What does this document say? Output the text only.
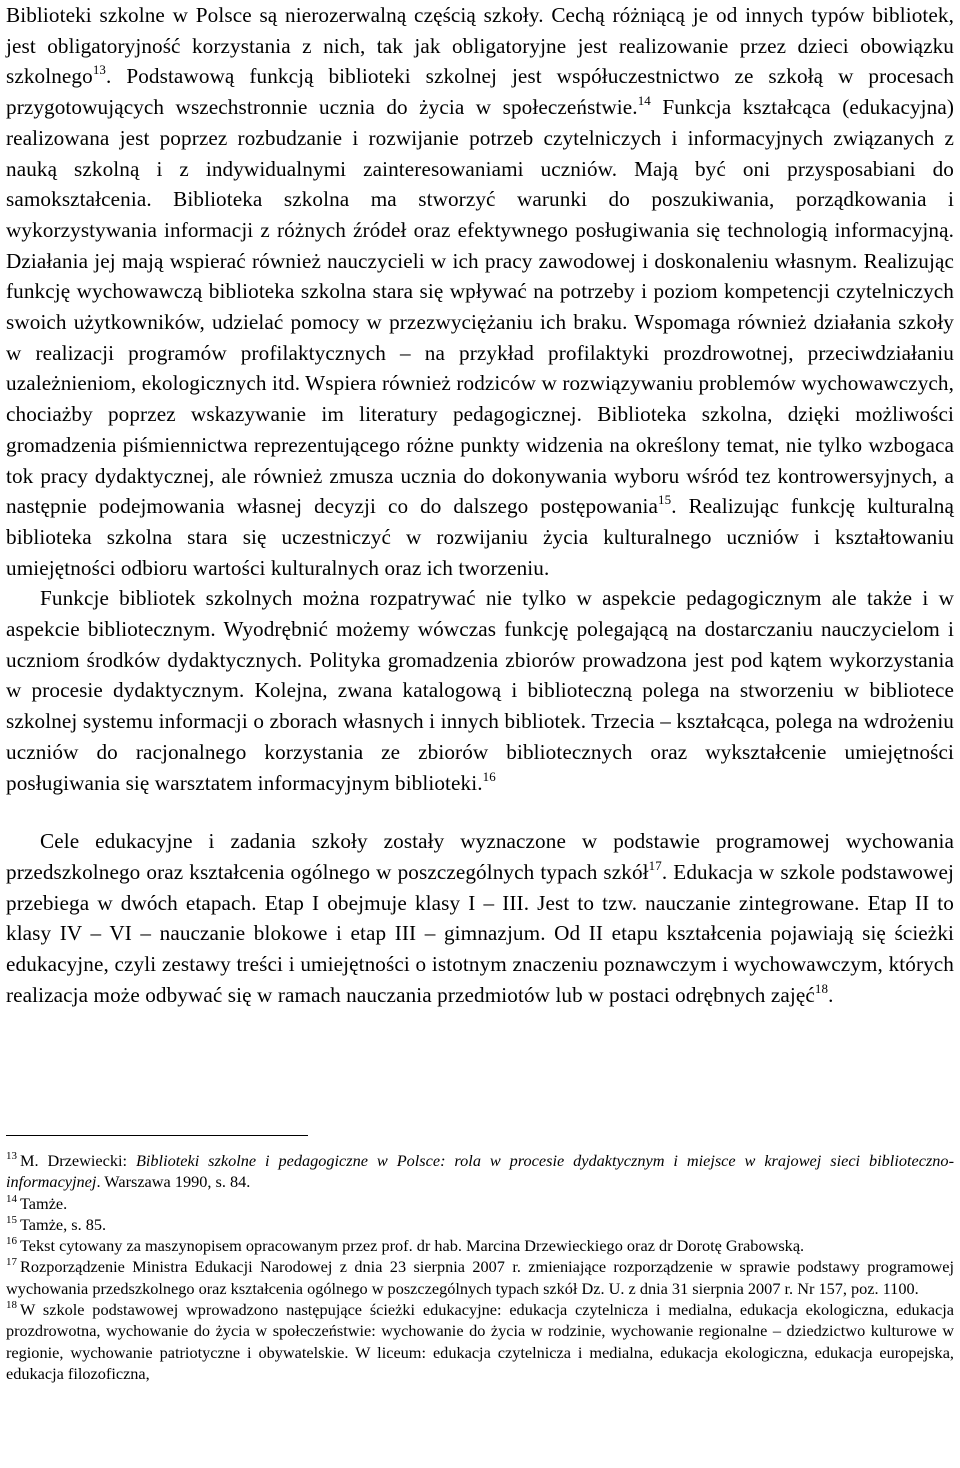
Biblioteki szkolne w Polsce są nierozerwalną częścią szkoły. Cechą różniącą je od innych typów bibliotek, jest obligatoryjność korzystania z nich, tak jak obligatoryjne jest realizowanie przez dzieci obowiązku szkolnego$^{13}$. Podstawową funkcją biblioteki szkolnej jest współuczestnictwo ze szkołą w procesach przygotowujących wszechstronnie ucznia do życia w społeczeństwie.$^{14}$ Funkcja kształcąca (edukacyjna) realizowana jest poprzez rozbudzanie i rozwijanie potrzeb czytelniczych i informacyjnych związanych z nauką szkolną i z indywidualnymi zainteresowaniami uczniów. Mają być oni przysposabiani do samokształcenia. Biblioteka szkolna ma stworzyć warunki do poszukiwania, porządkowania i wykorzystywania informacji z różnych źródeł oraz efektywnego posługiwania się technologią informacyjną. Działania jej mają wspierać również nauczycieli w ich pracy zawodowej i doskonaleniu własnym. Realizując funkcję wychowawczą biblioteka szkolna stara się wpływać na potrzeby i poziom kompetencji czytelniczych swoich użytkowników, udzielać pomocy w przezwyciężaniu ich braku. Wspomaga również działania szkoły w realizacji programów profilaktycznych – na przykład profilaktyki prozdrowotnej, przeciwdziałaniu uzależnieniom, ekologicznych itd. Wspiera również rodziców w rozwiązywaniu problemów wychowawczych, chociażby poprzez wskazywanie im literatury pedagogicznej. Biblioteka szkolna, dzięki możliwości gromadzenia piśmiennictwa reprezentującego różne punkty widzenia na określony temat, nie tylko wzbogaca tok pracy dydaktycznej, ale również zmusza ucznia do dokonywania wyboru wśród tez kontrowersyjnych, a następnie podejmowania własnej decyzji co do dalszego postępowania$^{15}$. Realizując funkcję kulturalną biblioteka szkolna stara się uczestniczyć w rozwijaniu życia kulturalnego uczniów i kształtowaniu umiejętności odbioru wartości kulturalnych oraz ich tworzeniu.

Funkcje bibliotek szkolnych można rozpatrywać nie tylko w aspekcie pedagogicznym ale także i w aspekcie bibliotecznym. Wyodrębnić możemy wówczas funkcję polegającą na dostarczaniu nauczycielom i uczniom środków dydaktycznych. Polityka gromadzenia zbiorów prowadzona jest pod kątem wykorzystania w procesie dydaktycznym. Kolejna, zwana katalogową i biblioteczną polega na stworzeniu w bibliotece szkolnej systemu informacji o zborach własnych i innych bibliotek. Trzecia – kształcąca, polega na wdrożeniu uczniów do racjonalnego korzystania ze zbiorów bibliotecznych oraz wykształcenie umiejętności posługiwania się warsztatem informacyjnym biblioteki.$^{16}$

Cele edukacyjne i zadania szkoły zostały wyznaczone w podstawie programowej wychowania przedszkolnego oraz kształcenia ogólnego w poszczególnych typach szkół$^{17}$. Edukacja w szkole podstawowej przebiega w dwóch etapach. Etap I obejmuje klasy I – III. Jest to tzw. nauczanie zintegrowane. Etap II to klasy IV – VI – nauczanie blokowe i etap III – gimnazjum. Od II etapu kształcenia pojawiają się ścieżki edukacyjne, czyli zestawy treści i umiejętności o istotnym znaczeniu poznawczym i wychowawczym, których realizacja może odbywać się w ramach nauczania przedmiotów lub w postaci odrębnych zajęć$^{18}$.

$^{13}$ M. Drzewiecki: Biblioteki szkolne i pedagogiczne w Polsce: rola w procesie dydaktycznym i miejsce w krajowej sieci biblioteczno-informacyjnej. Warszawa 1990, s. 84.

$^{14}$ Tamże.

$^{15}$ Tamże, s. 85.

$^{16}$ Tekst cytowany za maszynopisem opracowanym przez prof. dr hab. Marcina Drzewieckiego oraz dr Dorotę Grabowską.

$^{17}$ Rozporządzenie Ministra Edukacji Narodowej z dnia 23 sierpnia 2007 r. zmieniające rozporządzenie w sprawie podstawy programowej wychowania przedszkolnego oraz kształcenia ogólnego w poszczególnych typach szkół Dz. U. z dnia 31 sierpnia 2007 r. Nr 157, poz. 1100.

$^{18}$ W szkole podstawowej wprowadzono następujące ścieżki edukacyjne: edukacja czytelnicza i medialna, edukacja ekologiczna, edukacja prozdrowotna, wychowanie do życia w społeczeństwie: wychowanie do życia w rodzinie, wychowanie regionalne – dziedzictwo kulturowe w regionie, wychowanie patriotyczne i obywatelskie. W liceum: edukacja czytelnicza i medialna, edukacja ekologiczna, edukacja europejska, edukacja filozoficzna,
